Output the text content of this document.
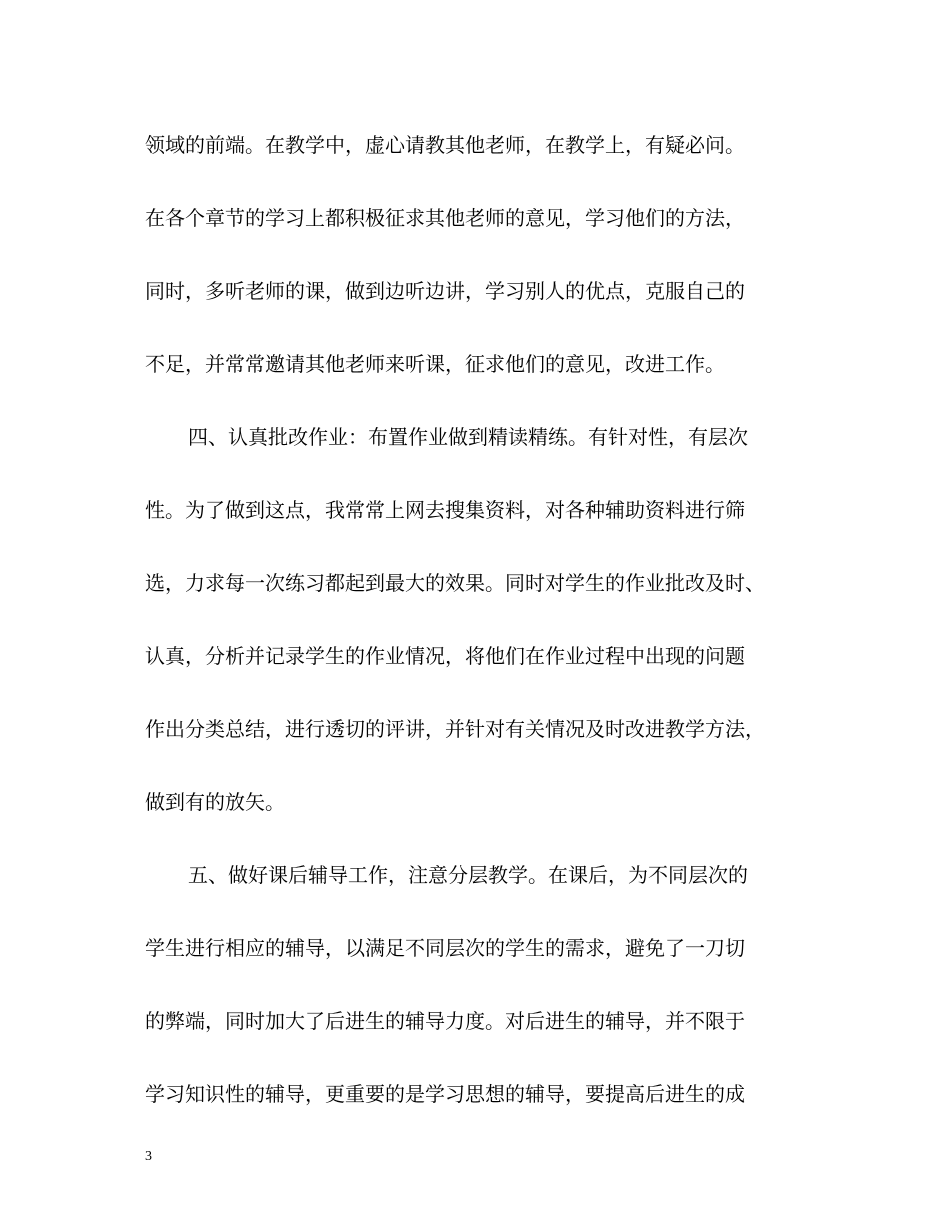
领域的前端。在教学中，虚心请教其他老师，在教学上，有疑必问。
在各个章节的学习上都积极征求其他老师的意见，学习他们的方法，
同时，多听老师的课，做到边听边讲，学习别人的优点，克服自己的
不足，并常常邀请其他老师来听课，征求他们的意见，改进工作。
四、认真批改作业：布置作业做到精读精练。有针对性，有层次
性。为了做到这点，我常常上网去搜集资料，对各种辅助资料进行筛
选，力求每一次练习都起到最大的效果。同时对学生的作业批改及时、
认真，分析并记录学生的作业情况，将他们在作业过程中出现的问题
作出分类总结，进行透切的评讲，并针对有关情况及时改进教学方法，
做到有的放矢。
五、做好课后辅导工作，注意分层教学。在课后，为不同层次的
学生进行相应的辅导，以满足不同层次的学生的需求，避免了一刀切
的弊端，同时加大了后进生的辅导力度。对后进生的辅导，并不限于
学习知识性的辅导，更重要的是学习思想的辅导，要提高后进生的成
3
